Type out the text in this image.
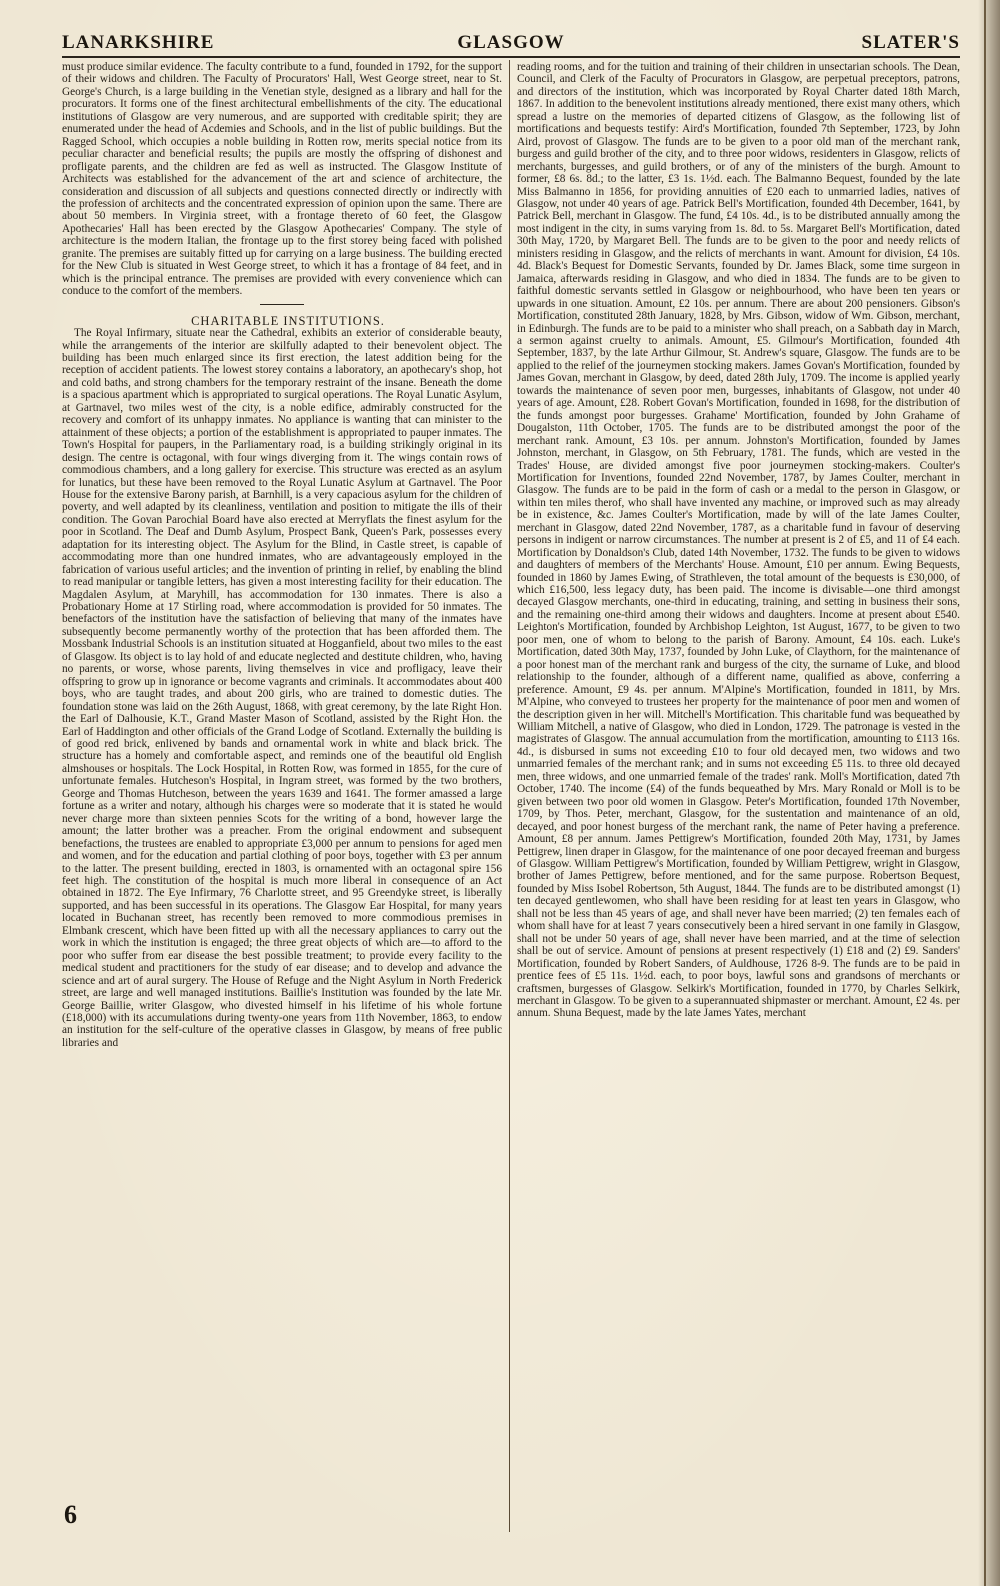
LANARKSHIRE	GLASGOW	SLATER'S

must produce similar evidence. The faculty contribute to a fund, founded in 1792, for the support of their widows and children. The Faculty of Procurators' Hall, West George street, near to St. George's Church, is a large building in the Venetian style, designed as a library and hall for the procurators. It forms one of the finest architectural embellishments of the city. The educational institutions of Glasgow are very numerous, and are supported with creditable spirit; they are enumerated under the head of Acdemies and Schools, and in the list of public buildings. But the Ragged School, which occupies a noble building in Rotten row, merits special notice from its peculiar character and beneficial results; the pupils are mostly the offspring of dishonest and profligate parents, and the children are fed as well as instructed. The Glasgow Institute of Architects was established for the advancement of the art and science of architecture, the consideration and discussion of all subjects and questions connected directly or indirectly with the profession of architects and the concentrated expression of opinion upon the same. There are about 50 members. In Virginia street, with a frontage thereto of 60 feet, the Glasgow Apothecaries' Hall has been erected by the Glasgow Apothecaries' Company. The style of architecture is the modern Italian, the frontage up to the first storey being faced with polished granite. The premises are suitably fitted up for carrying on a large business. The building erected for the New Club is situated in West George street, to which it has a frontage of 84 feet, and in which is the principal entrance. The premises are provided with every convenience which can conduce to the comfort of the members.

CHARITABLE INSTITUTIONS.

The Royal Infirmary, situate near the Cathedral, exhibits an exterior of considerable beauty, while the arrangements of the interior are skilfully adapted to their benevolent object. The building has been much enlarged since its first erection, the latest addition being for the reception of accident patients. The lowest storey contains a laboratory, an apothecary's shop, hot and cold baths, and strong chambers for the temporary restraint of the insane. Beneath the dome is a spacious apartment which is appropriated to surgical operations. The Royal Lunatic Asylum, at Gartnavel, two miles west of the city, is a noble edifice, admirably constructed for the recovery and comfort of its unhappy inmates. No appliance is wanting that can minister to the attainment of these objects; a portion of the establishment is appropriated to pauper inmates. The Town's Hospital for paupers, in the Parliamentary road, is a building strikingly original in its design. The centre is octagonal, with four wings diverging from it. The wings contain rows of commodious chambers, and a long gallery for exercise. This structure was erected as an asylum for lunatics, but these have been removed to the Royal Lunatic Asylum at Gartnavel. The Poor House for the extensive Barony parish, at Barnhill, is a very capacious asylum for the children of poverty, and well adapted by its cleanliness, ventilation and position to mitigate the ills of their condition. The Govan Parochial Board have also erected at Merryflats the finest asylum for the poor in Scotland. The Deaf and Dumb Asylum, Prospect Bank, Queen's Park, possesses every adaptation for its interesting object. The Asylum for the Blind, in Castle street, is capable of accommodating more than one hundred inmates, who are advantageously employed in the fabrication of various useful articles; and the invention of printing in relief, by enabling the blind to read manipular or tangible letters, has given a most interesting facility for their education. The Magdalen Asylum, at Maryhill, has accommodation for 130 inmates. There is also a Probationary Home at 17 Stirling road, where accommodation is provided for 50 inmates. The benefactors of the institution have the satisfaction of believing that many of the inmates have subsequently become permanently worthy of the protection that has been afforded them. The Mossbank Industrial Schools is an institution situated at Hogganfield, about two miles to the east of Glasgow. Its object is to lay hold of and educate neglected and destitute children, who, having no parents, or worse, whose parents, living themselves in vice and profligacy, leave their offspring to grow up in ignorance or become vagrants and criminals. It accommodates about 400 boys, who are taught trades, and about 200 girls, who are trained to domestic duties. The foundation stone was laid on the 26th August, 1868, with great ceremony, by the late Right Hon. the Earl of Dalhousie, K.T., Grand Master Mason of Scotland, assisted by the Right Hon. the Earl of Haddington and other officials of the Grand Lodge of Scotland. Externally the building is of good red brick, enlivened by bands and ornamental work in white and black brick. The structure has a homely and comfortable aspect, and reminds one of the beautiful old English almshouses or hospitals. The Lock Hospital, in Rotten Row, was formed in 1855, for the cure of unfortunate females. Hutcheson's Hospital, in Ingram street, was formed by the two brothers, George and Thomas Hutcheson, between the years 1639 and 1641. The former amassed a large fortune as a writer and notary, although his charges were so moderate that it is stated he would never charge more than sixteen pennies Scots for the writing of a bond, however large the amount; the latter brother was a preacher. From the original endowment and subsequent benefactions, the trustees are enabled to appropriate £3,000 per annum to pensions for aged men and women, and for the education and partial clothing of poor boys, together with £3 per annum to the latter. The present building, erected in 1803, is ornamented with an octagonal spire 156 feet high. The constitution of the hospital is much more liberal in consequence of an Act obtained in 1872. The Eye Infirmary, 76 Charlotte street, and 95 Greendyke street, is liberally supported, and has been successful in its operations. The Glasgow Ear Hospital, for many years located in Buchanan street, has recently been removed to more commodious premises in Elmbank crescent, which have been fitted up with all the necessary appliances to carry out the work in which the institution is engaged; the three great objects of which are—to afford to the poor who suffer from ear disease the best possible treatment; to provide every facility to the medical student and practitioners for the study of ear disease; and to develop and advance the science and art of aural surgery. The House of Refuge and the Night Asylum in North Frederick street, are large and well managed institutions. Baillie's Institution was founded by the late Mr. George Baillie, writer Glasgow, who divested himself in his lifetime of his whole fortune (£18,000) with its accumulations during twenty-one years from 11th November, 1863, to endow an institution for the self-culture of the operative classes in Glasgow, by means of free public libraries and

reading rooms, and for the tuition and training of their children in unsectarian schools. The Dean, Council, and Clerk of the Faculty of Procurators in Glasgow, are perpetual preceptors, patrons, and directors of the institution, which was incorporated by Royal Charter dated 18th March, 1867. In addition to the benevolent institutions already mentioned, there exist many others, which spread a lustre on the memories of departed citizens of Glasgow, as the following list of mortifications and bequests testify: Aird's Mortification, founded 7th September, 1723, by John Aird, provost of Glasgow. The funds are to be given to a poor old man of the merchant rank, burgess and guild brother of the city, and to three poor widows, residenters in Glasgow, relicts of merchants, burgesses, and guild brothers, or of any of the ministers of the burgh. Amount to former, £8 6s. 8d.; to the latter, £3 1s. 1½d. each. The Balmanno Bequest, founded by the late Miss Balmanno in 1856, for providing annuities of £20 each to unmarried ladies, natives of Glasgow, not under 40 years of age. Patrick Bell's Mortification, founded 4th December, 1641, by Patrick Bell, merchant in Glasgow. The fund, £4 10s. 4d., is to be distributed annually among the most indigent in the city, in sums varying from 1s. 8d. to 5s. Margaret Bell's Mortification, dated 30th May, 1720, by Margaret Bell. The funds are to be given to the poor and needy relicts of ministers residing in Glasgow, and the relicts of merchants in want. Amount for division, £4 10s. 4d. Black's Bequest for Domestic Servants, founded by Dr. James Black, some time surgeon in Jamaica, afterwards residing in Glasgow, and who died in 1834. The funds are to be given to faithful domestic servants settled in Glasgow or neighbourhood, who have been ten years or upwards in one situation. Amount, £2 10s. per annum. There are about 200 pensioners. Gibson's Mortification, constituted 28th January, 1828, by Mrs. Gibson, widow of Wm. Gibson, merchant, in Edinburgh. The funds are to be paid to a minister who shall preach, on a Sabbath day in March, a sermon against cruelty to animals. Amount, £5. Gilmour's Mortification, founded 4th September, 1837, by the late Arthur Gilmour, St. Andrew's square, Glasgow. The funds are to be applied to the relief of the journeymen stocking makers. James Govan's Mortification, founded by James Govan, merchant in Glasgow, by deed, dated 28th July, 1709. The income is applied yearly towards the maintenance of seven poor men, burgesses, inhabitants of Glasgow, not under 40 years of age. Amount, £28. Robert Govan's Mortification, founded in 1698, for the distribution of the funds amongst poor burgesses. Grahame' Mortification, founded by John Grahame of Dougalston, 11th October, 1705. The funds are to be distributed amongst the poor of the merchant rank. Amount, £3 10s. per annum. Johnston's Mortification, founded by James Johnston, merchant, in Glasgow, on 5th February, 1781. The funds, which are vested in the Trades' House, are divided amongst five poor journeymen stocking-makers. Coulter's Mortification for Inventions, founded 22nd November, 1787, by James Coulter, merchant in Glasgow. The funds are to be paid in the form of cash or a medal to the person in Glasgow, or within ten miles therof, who shall have invented any machine, or improved such as may already be in existence, &c. James Coulter's Mortification, made by will of the late James Coulter, merchant in Glasgow, dated 22nd November, 1787, as a charitable fund in favour of deserving persons in indigent or narrow circumstances. The number at present is 2 of £5, and 11 of £4 each. Mortification by Donaldson's Club, dated 14th November, 1732. The funds to be given to widows and daughters of members of the Merchants' House. Amount, £10 per annum. Ewing Bequests, founded in 1860 by James Ewing, of Strathleven, the total amount of the bequests is £30,000, of which £16,500, less legacy duty, has been paid. The income is divisable—one third amongst decayed Glasgow merchants, one-third in educating, training, and setting in business their sons, and the remaining one-third among their widows and daughters. Income at present about £540. Leighton's Mortification, founded by Archbishop Leighton, 1st August, 1677, to be given to two poor men, one of whom to belong to the parish of Barony. Amount, £4 10s. each. Luke's Mortification, dated 30th May, 1737, founded by John Luke, of Claythorn, for the maintenance of a poor honest man of the merchant rank and burgess of the city, the surname of Luke, and blood relationship to the founder, although of a different name, qualified as above, conferring a preference. Amount, £9 4s. per annum. M'Alpine's Mortification, founded in 1811, by Mrs. M'Alpine, who conveyed to trustees her property for the maintenance of poor men and women of the description given in her will. Mitchell's Mortification. This charitable fund was bequeathed by William Mitchell, a native of Glasgow, who died in London, 1729. The patronage is vested in the magistrates of Glasgow. The annual accumulation from the mortification, amounting to £113 16s. 4d., is disbursed in sums not exceeding £10 to four old decayed men, two widows and two unmarried females of the merchant rank; and in sums not exceeding £5 11s. to three old decayed men, three widows, and one unmarried female of the trades' rank. Moll's Mortification, dated 7th October, 1740. The income (£4) of the funds bequeathed by Mrs. Mary Ronald or Moll is to be given between two poor old women in Glasgow. Peter's Mortification, founded 17th November, 1709, by Thos. Peter, merchant, Glasgow, for the sustentation and maintenance of an old, decayed, and poor honest burgess of the merchant rank, the name of Peter having a preference. Amount, £8 per annum. James Pettigrew's Mortification, founded 20th May, 1731, by James Pettigrew, linen draper in Glasgow, for the maintenance of one poor decayed freeman and burgess of Glasgow. William Pettigrew's Mortification, founded by William Pettigrew, wright in Glasgow, brother of James Pettigrew, before mentioned, and for the same purpose. Robertson Bequest, founded by Miss Isobel Robertson, 5th August, 1844. The funds are to be distributed amongst (1) ten decayed gentlewomen, who shall have been residing for at least ten years in Glasgow, who shall not be less than 45 years of age, and shall never have been married; (2) ten females each of whom shall have for at least 7 years consecutively been a hired servant in one family in Glasgow, shall not be under 50 years of age, shall never have been married, and at the time of selection shall be out of service. Amount of pensions at present respectively (1) £18 and (2) £9. Sanders' Mortification, founded by Robert Sanders, of Auldhouse, 1726 8-9. The funds are to be paid in prentice fees of £5 11s. 1½d. each, to poor boys, lawful sons and grandsons of merchants or craftsmen, burgesses of Glasgow. Selkirk's Mortification, founded in 1770, by Charles Selkirk, merchant in Glasgow. To be given to a superannuated shipmaster or merchant. Amount, £2 4s. per annum. Shuna Bequest, made by the late James Yates, merchant

6
